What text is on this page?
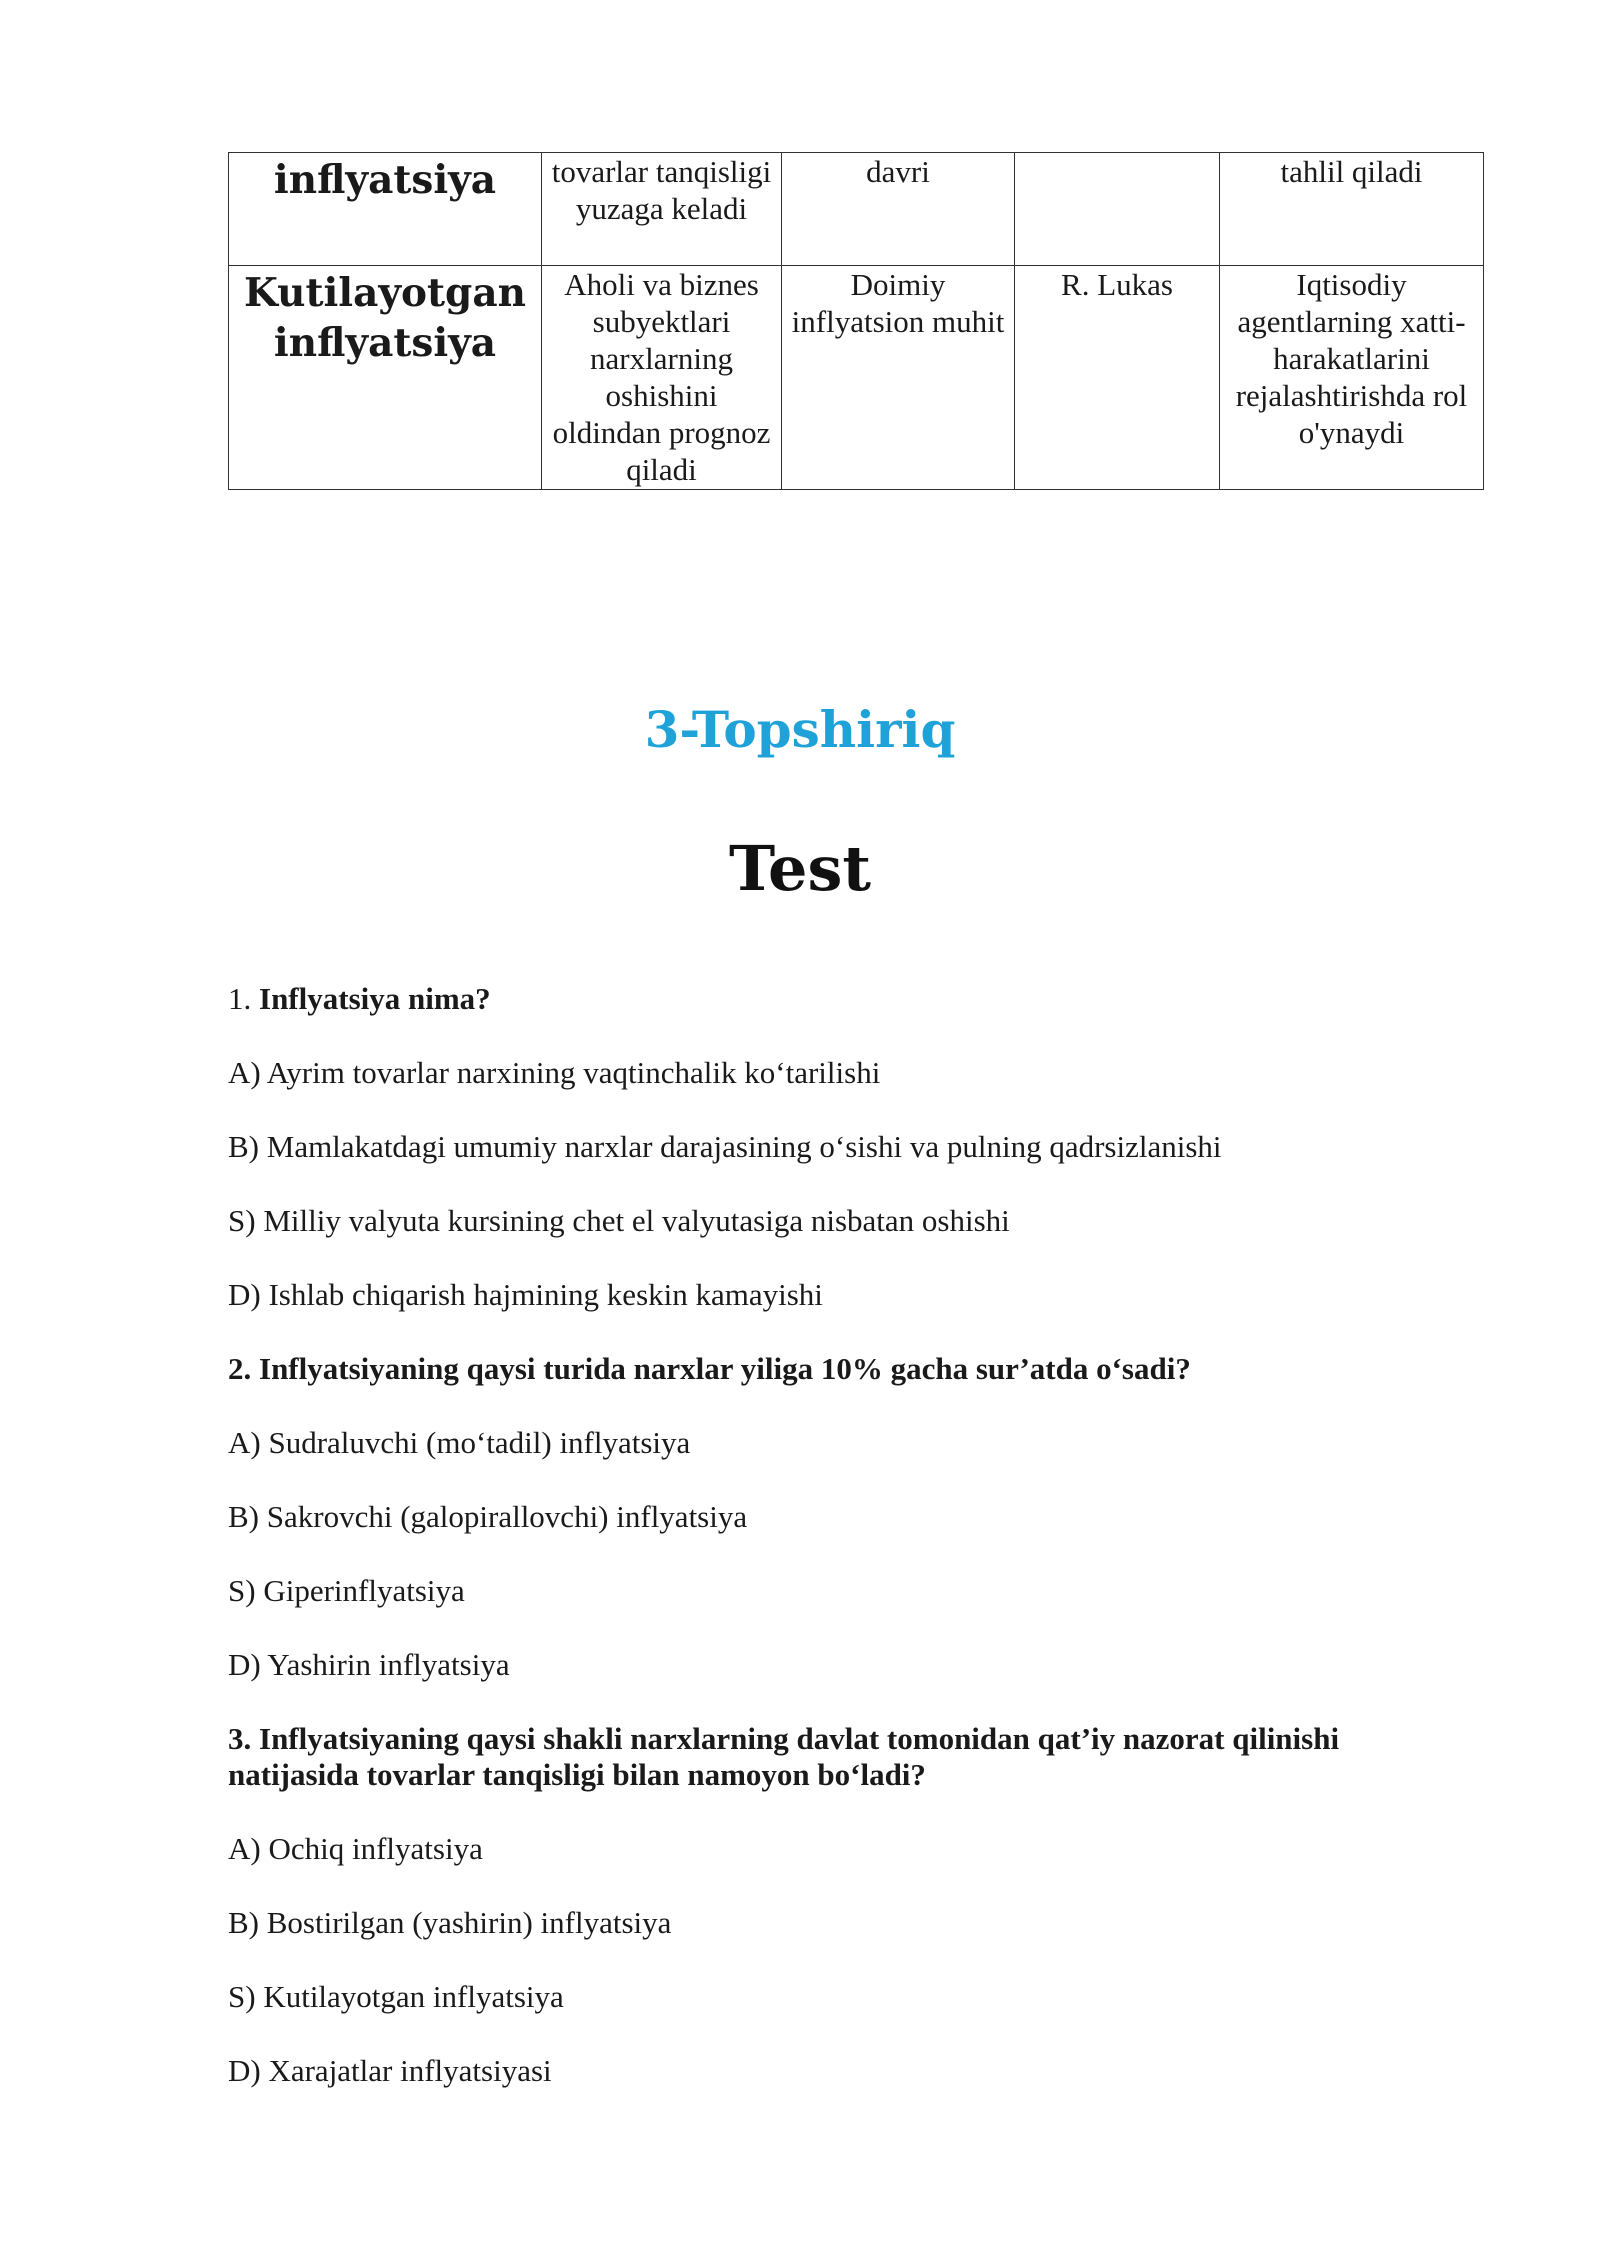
inflyatsiya	tovarlar tanqisligi yuzaga keladi	davri		tahlil qiladi
Kutilayotgan inflyatsiya	Aholi va biznes subyektlari narxlarning oshishini oldindan prognoz qiladi	Doimiy inflyatsion muhit	R. Lukas	Iqtisodiy agentlarning xatti-harakatlarini rejalashtirishda rol o'ynaydi
3-Topshiriq
Test
1. Inflyatsiya nima?
A) Ayrim tovarlar narxining vaqtinchalik ko‘tarilishi
B) Mamlakatdagi umumiy narxlar darajasining o‘sishi va pulning qadrsizlanishi
S) Milliy valyuta kursining chet el valyutasiga nisbatan oshishi
D) Ishlab chiqarish hajmining keskin kamayishi
2. Inflyatsiyaning qaysi turida narxlar yiliga 10% gacha sur’atda o‘sadi?
A) Sudraluvchi (mo‘tadil) inflyatsiya
B) Sakrovchi (galopirallovchi) inflyatsiya
S) Giperinflyatsiya
D) Yashirin inflyatsiya
3. Inflyatsiyaning qaysi shakli narxlarning davlat tomonidan qat’iy nazorat qilinishi natijasida tovarlar tanqisligi bilan namoyon bo‘ladi?
A) Ochiq inflyatsiya
B) Bostirilgan (yashirin) inflyatsiya
S) Kutilayotgan inflyatsiya
D) Xarajatlar inflyatsiyasi
